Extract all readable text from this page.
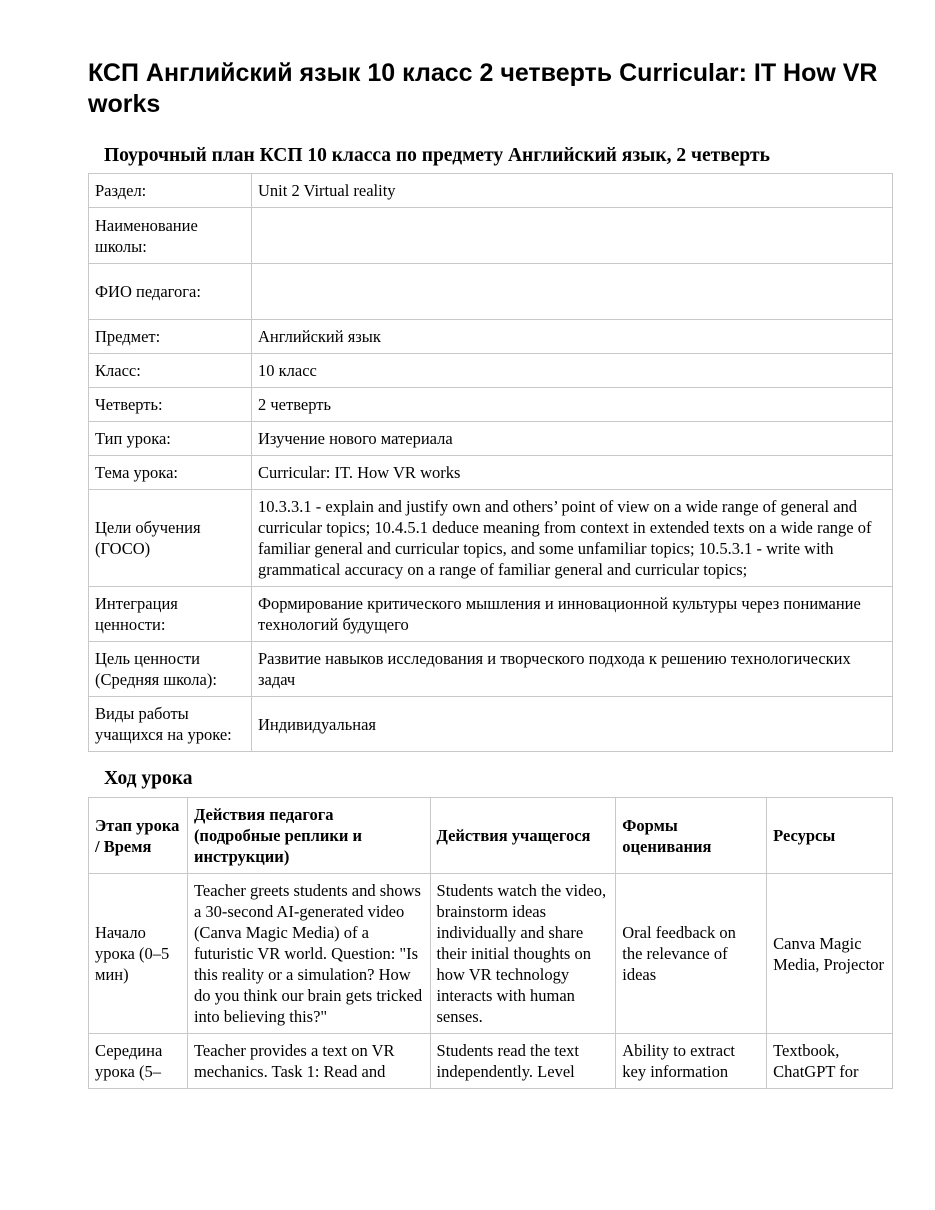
КСП Английский язык 10 класс 2 четверть Curricular: IT How VR works
Поурочный план КСП 10 класса по предмету Английский язык, 2 четверть
Раздел:	Unit 2 Virtual reality
Наименование школы:	
ФИО педагога:	
Предмет:	Английский язык
Класс:	10 класс
Четверть:	2 четверть
Тип урока:	Изучение нового материала
Тема урока:	Curricular: IT. How VR works
Цели обучения (ГОСО)	10.3.3.1 - explain and justify own and others’ point of view on a wide range of general and curricular topics; 10.4.5.1 deduce meaning from context in extended texts on a wide range of familiar general and curricular topics, and some unfamiliar topics; 10.5.3.1 - write with grammatical accuracy on a range of familiar general and curricular topics;
Интеграция ценности:	Формирование критического мышления и инновационной культуры через понимание технологий будущего
Цель ценности (Средняя школа):	Развитие навыков исследования и творческого подхода к решению технологических задач
Виды работы учащихся на уроке:	Индивидуальная
Ход урока
Этап урока / Время	Действия педагога (подробные реплики и инструкции)	Действия учащегося	Формы оценивания	Ресурсы
Начало урока (0–5 мин)	Teacher greets students and shows a 30-second AI-generated video (Canva Magic Media) of a futuristic VR world. Question: "Is this reality or a simulation? How do you think our brain gets tricked into believing this?"	Students watch the video, brainstorm ideas individually and share their initial thoughts on how VR technology interacts with human senses.	Oral feedback on the relevance of ideas	Canva Magic Media, Projector
Середина урока (5–	Teacher provides a text on VR mechanics. Task 1: Read and	Students read the text independently. Level	Ability to extract key information	Textbook, ChatGPT for
